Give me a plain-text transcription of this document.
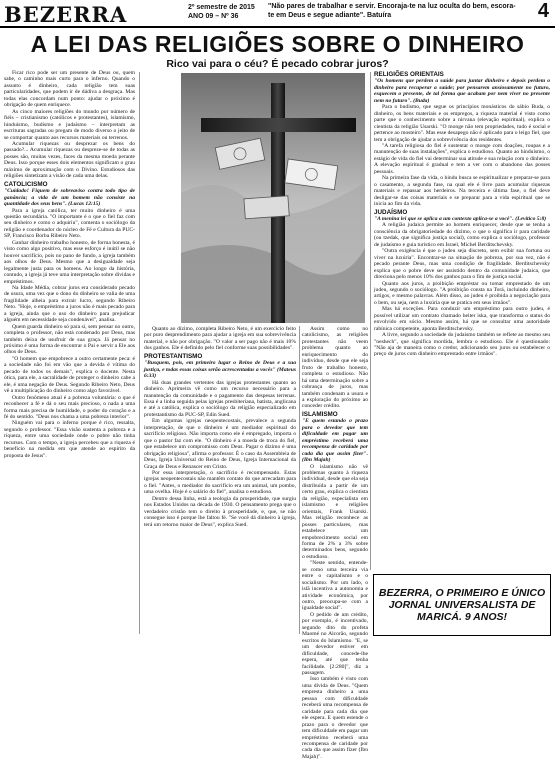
BEZERRA	2º semestre de 2015
ANO 09 – Nº 36
"Não pares de trabalhar e servir. Encoraja-te na luz oculta do bem, escora-te em Deus e segue adiante". Batuíra	4
A LEI DAS RELIGIÕES SOBRE O DINHEIRO
Rico vai para o céu? É pecado cobrar juros?

Ficar rico pode ser um presente de Deus ou, quem sabe, o caminho mais curto para o inferno. Quando o assunto é dinheiro, cada religião tem suas particularidades, que podem ir de dádiva a desgraça. Mas todas elas concordam num ponto: ajudar o próximo é obrigação de quem enriquece.

As cinco maiores religiões do mundo por número de fiéis – cristianismo (católicos e protestantes), islamismo, hinduísmo, budismo e judaísmo – interpretam as escrituras sagradas ou pregam de modo diverso o jeito de se comportar quanto aos recursos materiais ou terrenos.

Acumular riquezas ou desprezar os bens do passado?... Acumular riquezas ou despreze-se de todas as posses são, muitas vezes, faces da mesma moeda perante Deus. Isso porque esses dois elementos significam o grau máximo de aproximação com o Divino. Estudiosos das religiões sintetizam a visão de cada uma delas.

CATOLICISMO

"Cuidado! Fiquem de sobreaviso contra todo tipo de ganância; a vida de um homem não consiste na quantidade dos seus bens". (Lucas 12:15)

Para a igreja católica, ter muito dinheiro é uma questão secundária. "O importante é o que o fiel faz com seu dinheiro e como o adquiriu", comenta o sociólogo da religião e coordenador do núcleo de Fé e Cultura da PUC-SP, Francisco Borba Ribeiro Neto.

Ganhar dinheiro trabalho honesto, de forma honesta, é visto como algo positivo, mas esse esforço é inútil se não houver sacrifício, pois no pano de fundo, a igreja também aos olhos de Deus. Mesmo que a desigualdade seja legalmente justa para os homens. Ao longo da história, contudo, a igreja já teve uma interpretação sobre dívidas e empréstimos.

Na Idade Média, cobrar juros era considerado pecado de usura, uma vez que o dono do dinheiro se valia de uma fragilidade alheia para extrair lucro, segundo Ribeiro Neto. "Hoje, o empréstimo a juros não é mais pecado para a igreja, ainda que o uso do dinheiro para prejudicar alguém em necessidade seja condenável", analisa.

Quem guarda dinheiro só para si, sem pensar no outro, completa o professor, não está condenado por Deus, mas também deixa de usufruir de sua graça. Já pensar no próximo é uma forma de encontrar o Pai e servir a Ele aos olhos de Deus.

"O homem que empobrece a outro certamente peca: é a sociedade não foi em vão que a devida é vítima do pecado de todos os demais", explica o docente. Nesta ótica, para ele, a sacralidade de proteger o dinheiro cabe a ele, é uma negação de Deus. Segundo Ribeiro Neto, Deus vê a multiplicação do dinheiro como algo favorável.

Outro fenômeno atual é a pobreza voluntária: o que é reconhecer a fé e dá o seu mais precioso, o nada a uma forma mais precisa de humildade, o poder do coração e a fé do sentido. "Deus nos chama a uma pobreza interior".

Ninguém vai para o inferno porque é rico, ressalta, segundo o professor. "Essa visão sustenta a pobreza e a riqueza, entre uma sociedade onde o pobre não tinha recursos. Com o tempo, a igreja percebeu que a riqueza é benefício na medida em que atende ao espírito da proposta de Jesus".

Quanto ao dízimo, completa Ribeiro Neto, é um exercício feito por puro desprendimento para ajudar a igreja em sua sobrevivência material, e não por obrigação. "O valor a ser pago não é mais 10% dos ganhos. Ele é definido pelo fiel conforme suas possibilidades".

PROTESTANTISMO

"Busquem, pois, em primeiro lugar o Reino de Deus e a sua justiça, e todas essas coisas serão acrescentadas a vocês" (Mateus 6:33)

Há duas grandes vertentes das igrejas protestantes quanto ao dinheiro. Aprimeira vê como um recurso necessário para a manutenção da comunidade e o pagamento das despesas terrenas. Essa é a linha seguida pelas igrejas presbiteriana, batista, anglicana e até a católica, explica o sociólogo da religião especializado em protestantismo da PUC-SP, Edin Sued.

Em algumas igrejas neopentecostais, prevalece a segunda interpretação, de que o dinheiro é um mediador espiritual do sacrifício religioso. Não importa como ele é empregado, importa o que o pastor faz com ele. "O dinheiro é a moeda de troca do fiel, que estabelece um compromisso com Deus. Pagar o dízimo é uma obrigação religiosa", afirma o professor. É o caso da Assembleia de Deus, Igreja Universal do Reino de Deus, Igreja Internacional da Graça de Deus e Renascer em Cristo.

Por essa interpretação, o sacrifício é recompensado. Estas igrejas neopentecostais não mantêm contato do que arrecadam para o fiel. "Antes, o mediador do sacrifício era um animal, um pombo, uma ovelha. Hoje é o salário do fiel", analisa o estudioso.

Dentro dessa linha, está a teologia da prosperidade, que surgiu nos Estados Unidos na década de 1930. O pensamento prega que o verdadeiro cristão tem o direito à prosperidade, e, que, se não consegue isso é porque lhe faltou fé. "Se você dá dinheiro à igreja, terá um retorno maior de Deus", explica Sued.

Assim como no catolicismo, as religiões protestantes não veem problema quanto ao enriquecimento do indivíduo, desde que ele seja fruto de trabalho honesto, completa o estudioso. Não há uma determinação sobre a cobrança de juros, mas também condenam a usura e a exploração do próximo ao conceder crédito.

ISLAMISMO

"E quem estando o prazo para o devedor que tem dificuldade em pagar um empréstimo receberá uma recompensa de caridade por cada dia que assim fizer". (Ibn Majah)

O islamismo não vê problemas quanto à riqueza individual, desde que ela seja distribuída a partir de um certo grau, explica o cientista da religião, especialista em islamismo e religiões orientais, Frank Usarski. Mas religião reconhece as posses particulares, mas estabelece um empobrecimento social em forma de 2% a 3% sobre determinados bens, segundo o estudioso.

"Neste sentido, entende-se como uma terceira via entre o capitalismo e o socialismo. Por um lado, o islã incentiva a autonomia e atividade econômica, por outro, preocupa-se com a igualdade social".

O pedido de um crédito, por exemplo, é incentivado, segundo dito do profeta Maomé no Alcorão, segundo escritos do Islamismo. "E, se um devedor estiver em dificuldade, concede-lhe espera, até que tenha facilidade. [2:280]", diz a passagem.

Isso também é visto com uma dívida de Deus. "Quem empresta dinheiro a uma pessoa com dificuldade receberá uma recompensa de caridade para cada dia que ele espera. E quem estende o prazo para o devedor que tem dificuldade em pagar um empréstimo receberá uma recompensa de caridade por cada dia que assim fizer (Ibn Majah)".

RELIGIÕES ORIENTAIS

"Os homens que perdem a saúde para juntar dinheiro e depois perdem o dinheiro para recuperar a saúde; por pensarem ansiosamente no futuro, esquecem o presente, de tal forma que acabam por nem viver no presente nem no futuro". (Buda)

Para o budismo, que segue os princípios monásticos do sábio Buda, o dinheiro, os bens materiais e os empregos, a riqueza material é visto como parte que o conhecimento sobre a nirvana (elevação espiritual), explica o cientista da religião Usarski. "O monge não tem propriedades, tudo é social e pertence ao mosteiro". Mas esse desapego não é aplicado para o leigo fiel, que tem a obrigação de ajudar a sobrevivência dos residentes.

"A tarefa religiosa do fiel é sustentar o monge com doações, roupas e a manutenção de suas instalações", explica o estudioso. Quanto ao hinduísmo, o estágio de vida do fiel vai determinar sua atitude e sua relação com o dinheiro. A elevação espiritual é gradual e tem a ver com o abandono das posses pessoais.

Na primeira fase da vida, o hindu busca se espiritualizar e preparar-se para o casamento, a segunda fase, na qual ele é livre para acumular riquezas materiais e repassar aos herdeiros. Na terceira e última fase, o fiel deve desligar-se das coisas materiais e se preparar para a vida espiritual que se inicia ao fim da vida.

JUDAÍSMO

"A menina lei que se aplica a um contexto aplica-se a você". (Levítico 5:8)

A religião judaica permite ao homem enriquecer, desde que se tenha a consciência da obrigatoriedade do dízimo, o que o significa ir para caridade (ou tzedak, que significa justiça social), como explica o sociólogo, professor de judaísmo e guia turístico em Israel, Michel Berditschevsky.

"Outra exigência é que o judeu seja discreto, sem exibir sua fortuna ou viver na luxúria". Encontrar-se na situação de pobreza, por sua vez, não é pecado perante Deus, mas uma condição de fragilidade. Berditschevsky explica que o pobre deve ser assistido dentro da comunidade judaica, que direciona pelo menos 10% dos ganhos para o fim de justiça social.

Quanto aos juros, a proibição empréstar ou tomar emprestado de um judeu, segundo o sociólogo. "A proibição consta na Torá, incluindo dinheiro, artigos, e mesmo palavras. Além disso, ao judeu é proibida a negociação para o bem, ou seja, nem a luxúria que se pratica em seus irmãos".

Mas há exceções. Para conduzir um empréstimo para outro judeu, é possível utilizar um contrato chamado heiter iska, que transforma o status do envolvido em sócio. Mesmo assim, há que se consultar uma autoridade rabínica competente, aponta Berditschevsky.

A livre, segundo a sociedade do judaísmo também se reflete ao mesmo seu "neshech", que significa mordida, lembra o estudioso. Ele é questionado: "Não aja de maneira como o credor, adicionando seu juros ou estabelecer o preço de juros com dinheiro emprestado entre irmãos".

BEZERRA, O PRIMEIRO E ÚNICO JORNAL UNIVERSALISTA DE MARICÁ. 9 ANOS!
